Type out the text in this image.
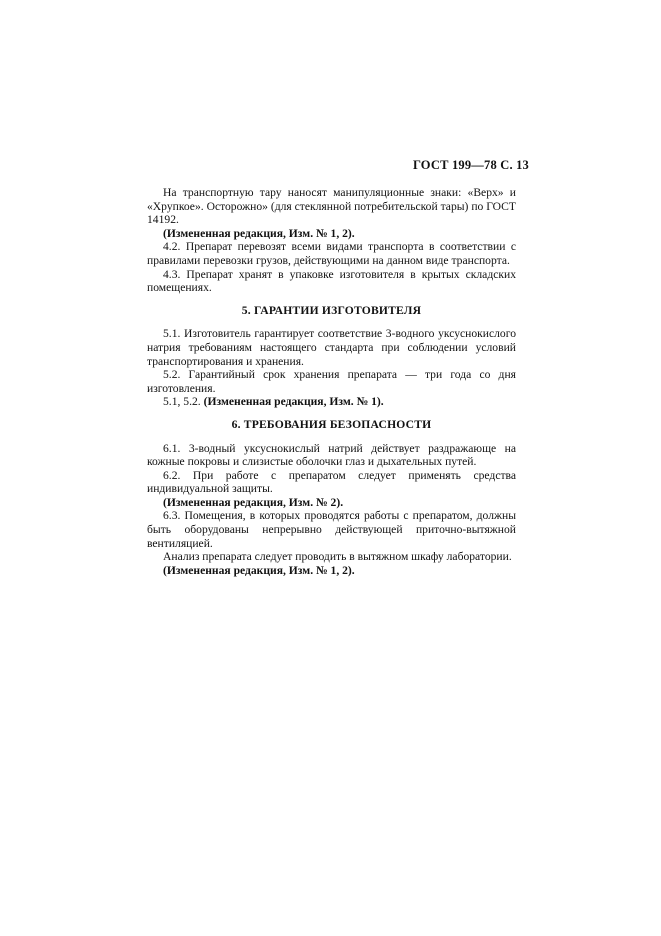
ГОСТ 199—78 С. 13

На транспортную тару наносят манипуляционные знаки: «Верх» и «Хрупкое». Осторожно» (для стеклянной потребительской тары) по ГОСТ 14192.

(Измененная редакция, Изм. № 1, 2).

4.2. Препарат перевозят всеми видами транспорта в соответствии с правилами перевозки грузов, действующими на данном виде транспорта.

4.3. Препарат хранят в упаковке изготовителя в крытых складских помещениях.

5. ГАРАНТИИ ИЗГОТОВИТЕЛЯ

5.1. Изготовитель гарантирует соответствие 3-водного уксуснокислого натрия требованиям настоящего стандарта при соблюдении условий транспортирования и хранения.

5.2. Гарантийный срок хранения препарата — три года со дня изготовления.

5.1, 5.2. (Измененная редакция, Изм. № 1).

6. ТРЕБОВАНИЯ БЕЗОПАСНОСТИ

6.1. 3-водный уксуснокислый натрий действует раздражающе на кожные покровы и слизистые оболочки глаз и дыхательных путей.

6.2. При работе с препаратом следует применять средства индивидуальной защиты.

(Измененная редакция, Изм. № 2).

6.3. Помещения, в которых проводятся работы с препаратом, должны быть оборудованы непрерывно действующей приточно-вытяжной вентиляцией.

Анализ препарата следует проводить в вытяжном шкафу лаборатории.

(Измененная редакция, Изм. № 1, 2).
